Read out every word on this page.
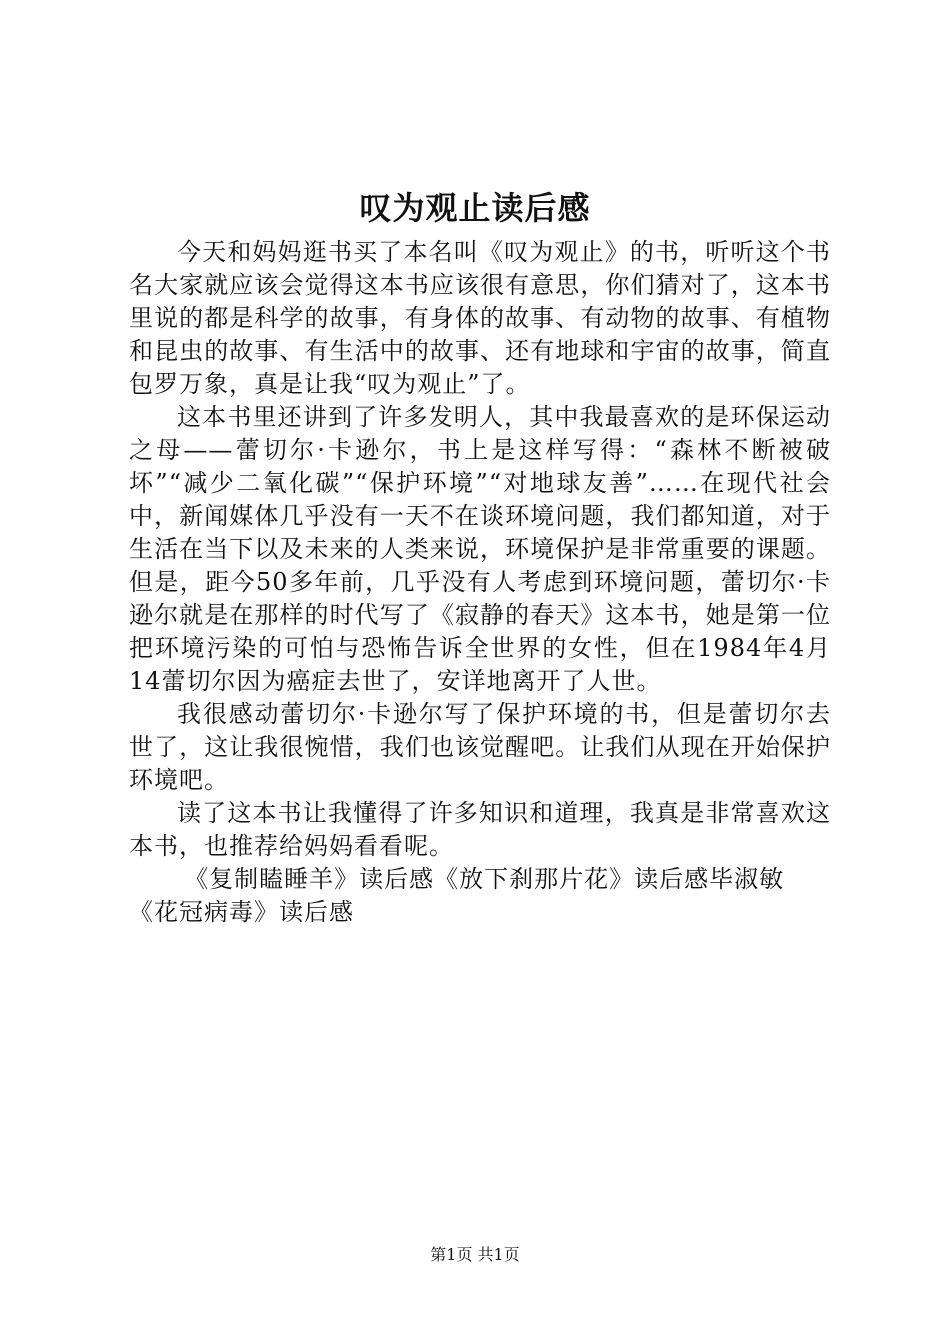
叹为观止读后感

今天和妈妈逛书买了本名叫《叹为观止》的书，听听这个书名大家就应该会觉得这本书应该很有意思，你们猜对了，这本书里说的都是科学的故事，有身体的故事、有动物的故事、有植物和昆虫的故事、有生活中的故事、还有地球和宇宙的故事，简直包罗万象，真是让我“叹为观止”了。

这本书里还讲到了许多发明人，其中我最喜欢的是环保运动之母——蕾切尔·卡逊尔，书上是这样写得：“森林不断被破坏”“减少二氧化碳”“保护环境”“对地球友善”……在现代社会中，新闻媒体几乎没有一天不在谈环境问题，我们都知道，对于生活在当下以及未来的人类来说，环境保护是非常重要的课题。但是，距今50多年前，几乎没有人考虑到环境问题，蕾切尔·卡逊尔就是在那样的时代写了《寂静的春天》这本书，她是第一位把环境污染的可怕与恐怖告诉全世界的女性，但在1984年4月14蕾切尔因为癌症去世了，安详地离开了人世。

我很感动蕾切尔·卡逊尔写了保护环境的书，但是蕾切尔去世了，这让我很惋惜，我们也该觉醒吧。让我们从现在开始保护环境吧。

读了这本书让我懂得了许多知识和道理，我真是非常喜欢这本书，也推荐给妈妈看看呢。

《复制瞌睡羊》读后感《放下刹那片花》读后感毕淑敏《花冠病毒》读后感

第1页 共1页
